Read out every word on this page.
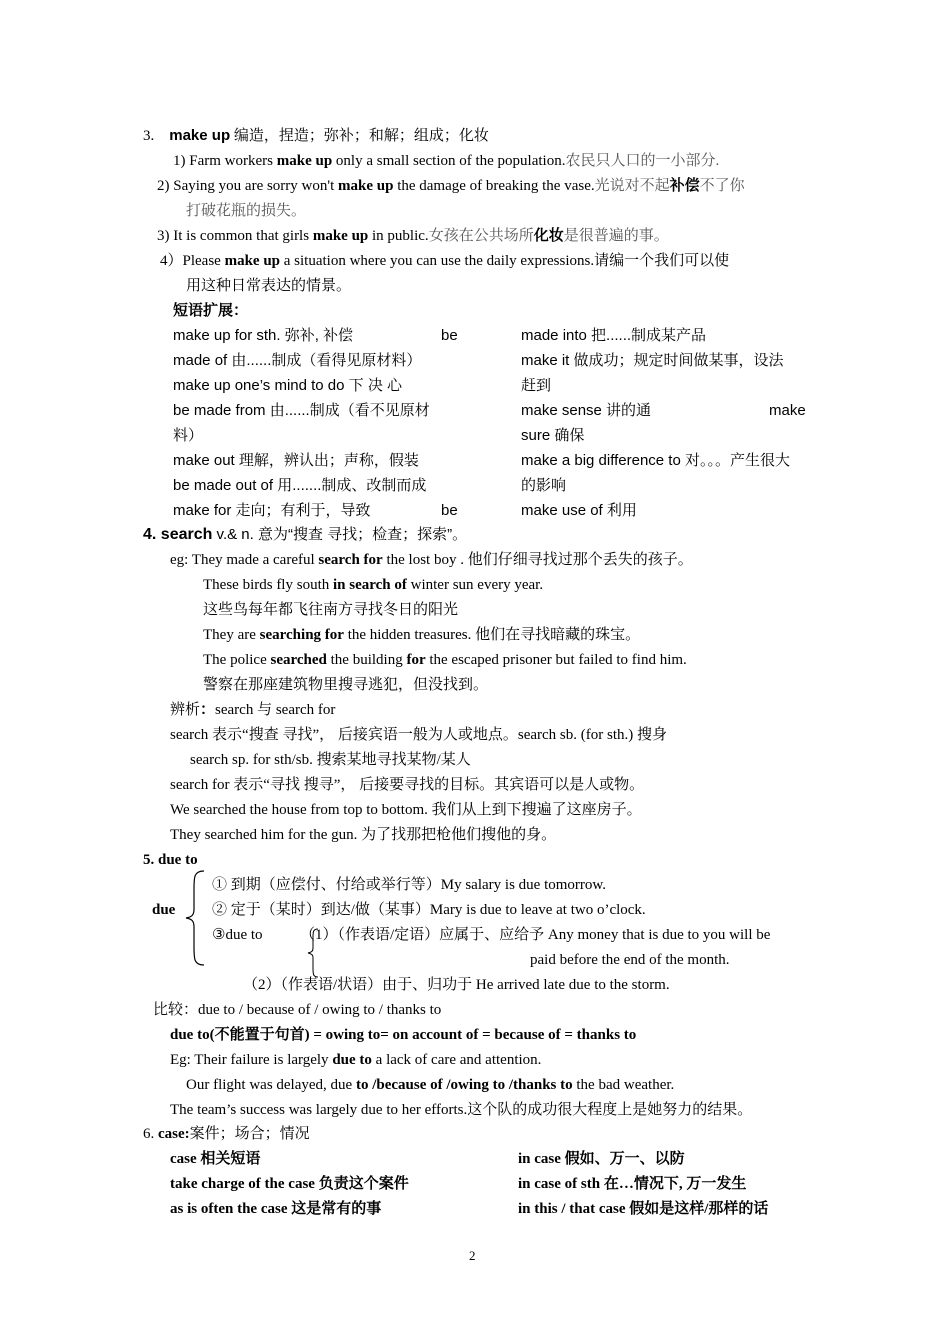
3. make up 编造，捏造；弥补；和解；组成；化妆
1) Farm workers make up only a small section of the population.农民只人口的一小部分.
2) Saying you are sorry won't make up the damage of breaking the vase.光说对不起补偿不了你
打破花瓶的损失。
3) It is common that girls make up in public.女孩在公共场所化妆是很普遍的事。
4）Please make up a situation where you can use the daily expressions.请编一个我们可以使
用这种日常表达的情景。
短语扩展：
make up for sth. 弥补, 补偿
made of 由......制成（看得见原材料）
make up one’s mind to do 下 决 心
be made from 由......制成（看不见原材
料）
make out 理解，辨认出；声称，假装
be made out of 用.......制成、改制而成
make for 走向；有利于，导致
be
be
made into 把......制成某产品
make it 做成功；规定时间做某事，设法
赶到
make sense 讲的通	make
sure 确保
make a big difference to 对。。。产生很大
的影响
make use of 利用
4. search v.& n. 意为“搜查 寻找；检查；探索”。
eg: They made a careful search for the lost boy . 他们仔细寻找过那个丢失的孩子。
These birds fly south in search of winter sun every year.
这些鸟每年都飞往南方寻找冬日的阳光
They are searching for the hidden treasures. 他们在寻找暗藏的珠宝。
The police searched the building for the escaped prisoner but failed to find him.
警察在那座建筑物里搜寻逃犯，但没找到。
辨析：search 与 search for
search 表示“搜查 寻找”， 后接宾语一般为人或地点。search sb. (for sth.) 搜身
search sp. for sth/sb. 搜索某地寻找某物/某人
search for 表示“寻找 搜寻”， 后接要寻找的目标。其宾语可以是人或物。
We searched the house from top to bottom. 我们从上到下搜遍了这座房子。
They searched him for the gun. 为了找那把枪他们搜他的身。
5. due to
due
① 到期（应偿付、付给或举行等）My salary is due tomorrow.
② 定于（某时）到达/做（某事）Mary is due to leave at two o’clock.
③due to （1）（作表语/定语）应属于、应给予 Any money that is due to you will be
paid before the end of the month.
（2）（作表语/状语）由于、归功于 He arrived late due to the storm.
比较：due to / because of / owing to / thanks to
due to(不能置于句首) = owing to= on account of = because of = thanks to
Eg: Their failure is largely due to a lack of care and attention.
Our flight was delayed, due to /because of /owing to /thanks to the bad weather.
The team’s success was largely due to her efforts.这个队的成功很大程度上是她努力的结果。
6. case:案件；场合；情况
case 相关短语
take charge of the case 负责这个案件
as is often the case 这是常有的事
in case 假如、万一、以防
in case of sth 在…情况下, 万一发生
in this / that case 假如是这样/那样的话
2
